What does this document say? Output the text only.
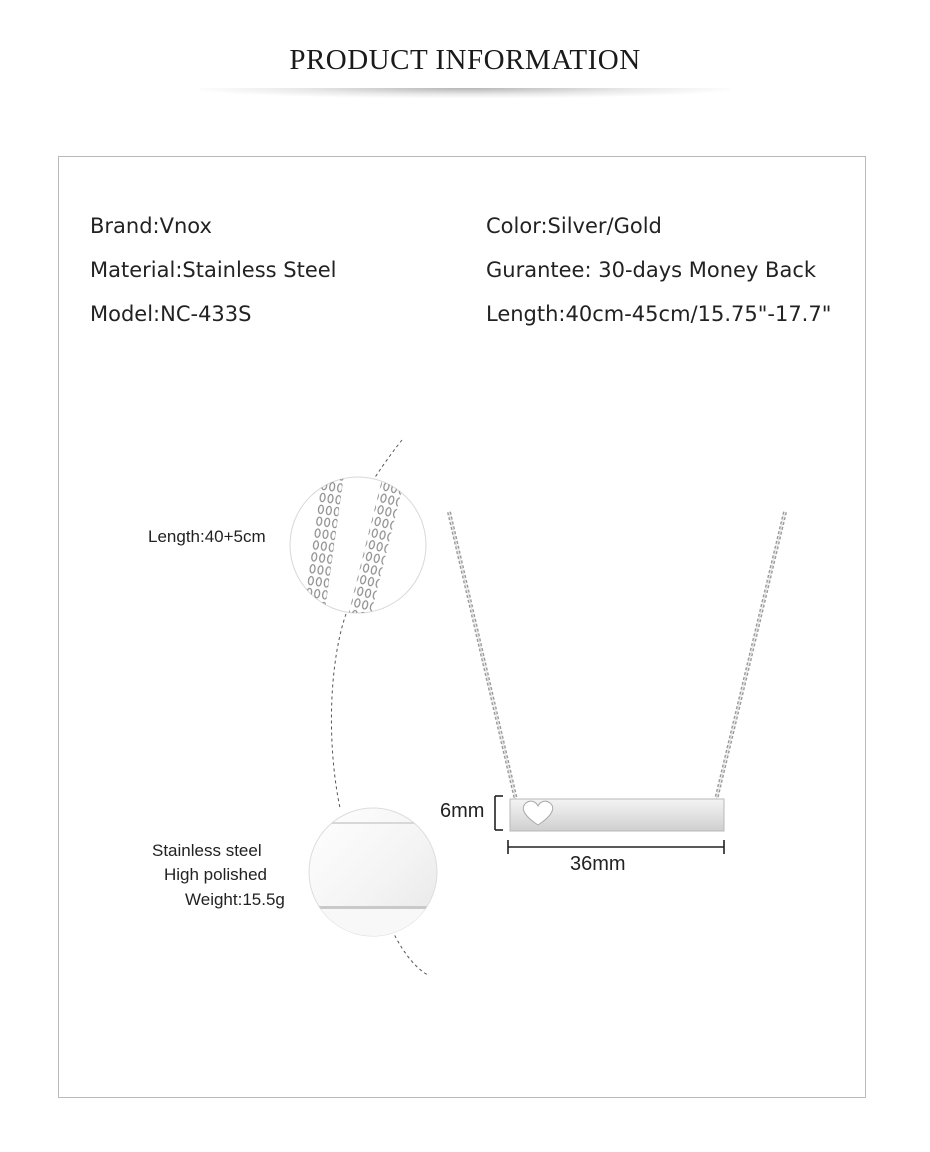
PRODUCT INFORMATION
Brand:Vnox
Material:Stainless Steel
Model:NC-433S
Color:Silver/Gold
Gurantee: 30-days Money Back
Length:40cm-45cm/15.75"-17.7"
6mm
36mm
Length:40+5cm
Stainless steel
High polished
Weight:15.5g
